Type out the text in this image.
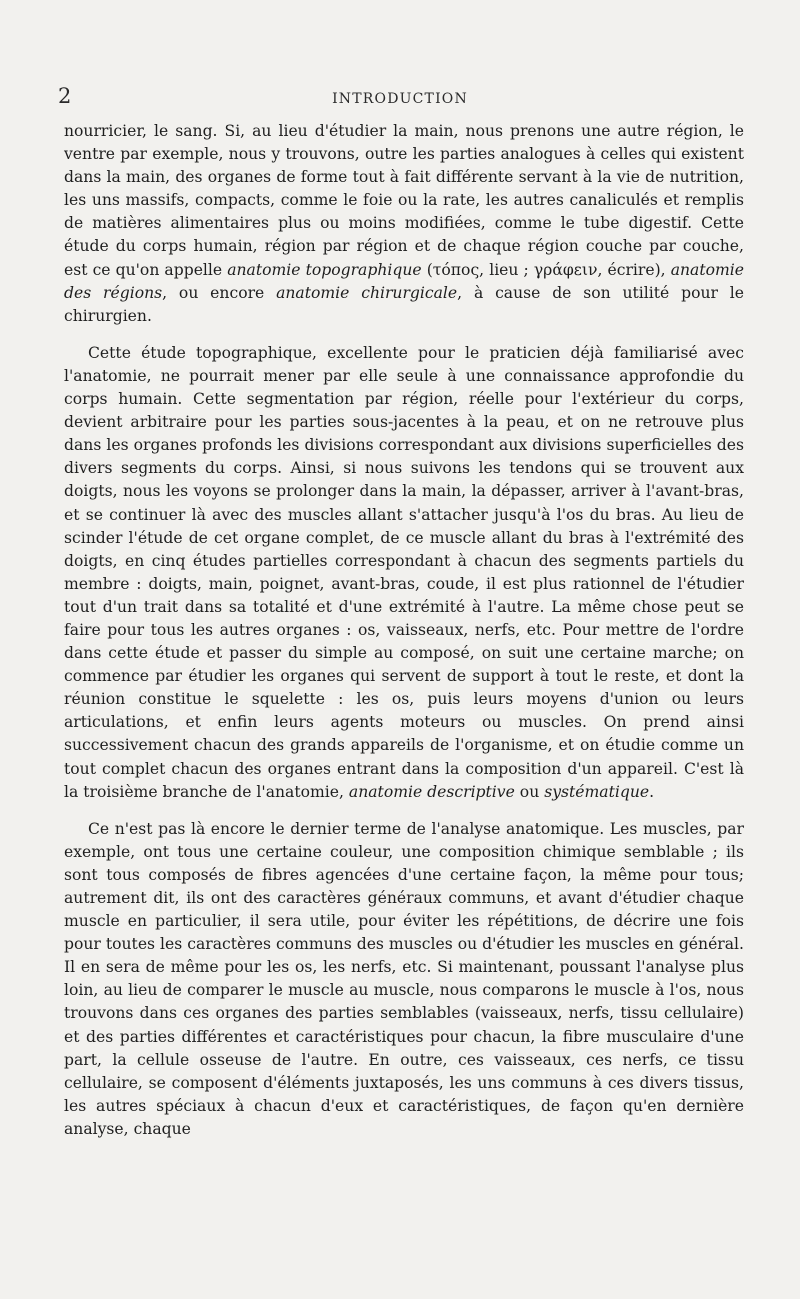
2	INTRODUCTION

nourricier, le sang. Si, au lieu d'étudier la main, nous prenons une autre région, le ventre par exemple, nous y trouvons, outre les parties analogues à celles qui existent dans la main, des organes de forme tout à fait différente servant à la vie de nutrition, les uns massifs, compacts, comme le foie ou la rate, les autres canaliculés et remplis de matières alimentaires plus ou moins modifiées, comme le tube digestif. Cette étude du corps humain, région par région et de chaque région couche par couche, est ce qu'on appelle anatomie topographique (τόπος, lieu ; γράφειν, écrire), anatomie des régions, ou encore anatomie chirurgicale, à cause de son utilité pour le chirurgien.

Cette étude topographique, excellente pour le praticien déjà familiarisé avec l'anatomie, ne pourrait mener par elle seule à une connaissance approfondie du corps humain. Cette segmentation par région, réelle pour l'extérieur du corps, devient arbitraire pour les parties sous-jacentes à la peau, et on ne retrouve plus dans les organes profonds les divisions correspondant aux divisions superficielles des divers segments du corps. Ainsi, si nous suivons les tendons qui se trouvent aux doigts, nous les voyons se prolonger dans la main, la dépasser, arriver à l'avant-bras, et se continuer là avec des muscles allant s'attacher jusqu'à l'os du bras. Au lieu de scinder l'étude de cet organe complet, de ce muscle allant du bras à l'extrémité des doigts, en cinq études partielles correspondant à chacun des segments partiels du membre : doigts, main, poignet, avant-bras, coude, il est plus rationnel de l'étudier tout d'un trait dans sa totalité et d'une extrémité à l'autre. La même chose peut se faire pour tous les autres organes : os, vaisseaux, nerfs, etc. Pour mettre de l'ordre dans cette étude et passer du simple au composé, on suit une certaine marche; on commence par étudier les organes qui servent de support à tout le reste, et dont la réunion constitue le squelette : les os, puis leurs moyens d'union ou leurs articulations, et enfin leurs agents moteurs ou muscles. On prend ainsi successivement chacun des grands appareils de l'organisme, et on étudie comme un tout complet chacun des organes entrant dans la composition d'un appareil. C'est là la troisième branche de l'anatomie, anatomie descriptive ou systématique.

Ce n'est pas là encore le dernier terme de l'analyse anatomique. Les muscles, par exemple, ont tous une certaine couleur, une composition chimique semblable ; ils sont tous composés de fibres agencées d'une certaine façon, la même pour tous; autrement dit, ils ont des caractères généraux communs, et avant d'étudier chaque muscle en particulier, il sera utile, pour éviter les répétitions, de décrire une fois pour toutes les caractères communs des muscles ou d'étudier les muscles en général. Il en sera de même pour les os, les nerfs, etc. Si maintenant, poussant l'analyse plus loin, au lieu de comparer le muscle au muscle, nous comparons le muscle à l'os, nous trouvons dans ces organes des parties semblables (vaisseaux, nerfs, tissu cellulaire) et des parties différentes et caractéristiques pour chacun, la fibre musculaire d'une part, la cellule osseuse de l'autre. En outre, ces vaisseaux, ces nerfs, ce tissu cellulaire, se composent d'éléments juxtaposés, les uns communs à ces divers tissus, les autres spéciaux à chacun d'eux et caractéristiques, de façon qu'en dernière analyse, chaque
